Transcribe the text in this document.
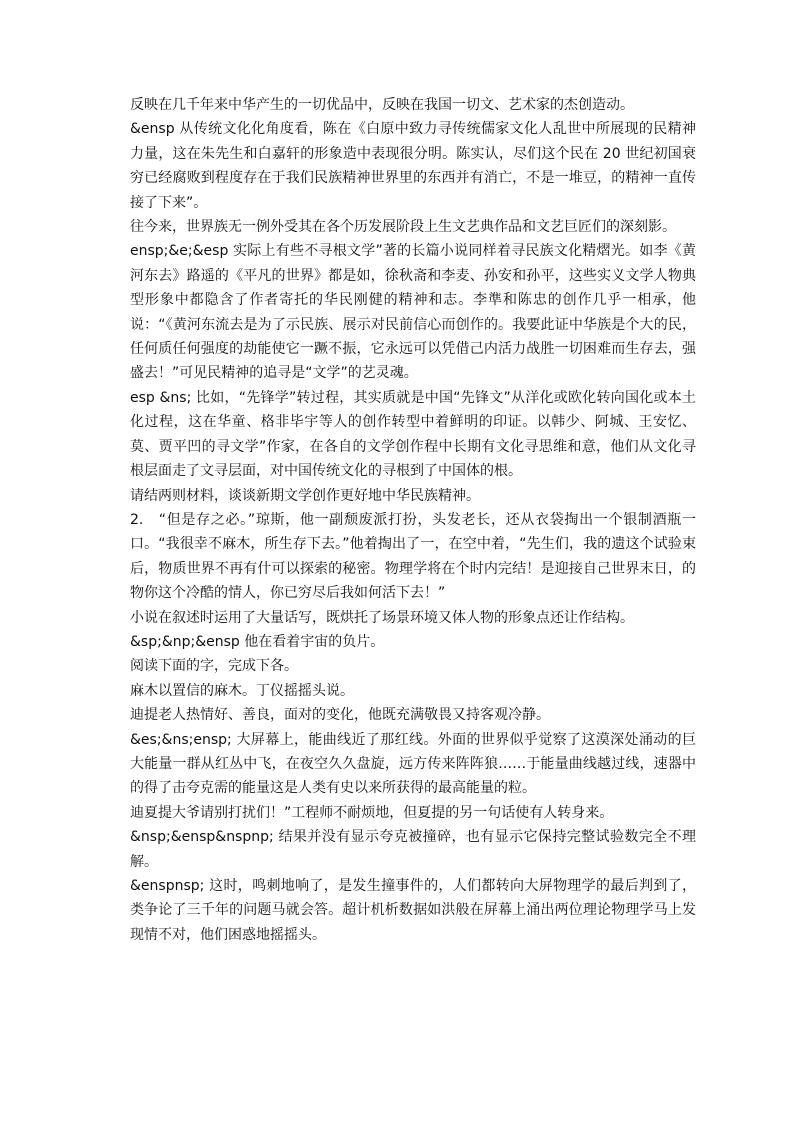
反映在几千年来中华产生的一切优品中，反映在我国一切文、艺术家的杰创造动。

&ensp 从传统文化化角度看，陈在《白原中致力寻传统儒家文化人乱世中所展现的民精神力量，这在朱先生和白嘉轩的形象造中表现很分明。陈实认，尽们这个民在 20 世纪初国衰穷已经腐败到程度存在于我们民族精神世界里的东西并有消亡，不是一堆豆，的精神一直传接了下来”。

往今来，世界族无一例外受其在各个历发展阶段上生文艺典作品和文艺巨匠们的深刻影。

ensp;&e;&esp 实际上有些不寻根文学”著的长篇小说同样着寻民族文化精熠光。如李《黄河东去》路遥的《平凡的世界》都是如，徐秋斋和李麦、孙安和孙平，这些实义文学人物典型形象中都隐含了作者寄托的华民刚健的精神和志。李準和陈忠的创作几乎一相承，他说：“《黄河东流去是为了示民族、展示对民前信心而创作的。我要此证中华族是个大的民，任何质任何强度的劫能使它一蹶不振，它永远可以凭借己内活力战胜一切困难而生存去，强盛去！”可见民精神的追寻是“文学”的艺灵魂。

esp &ns; 比如，“先锋学”转过程，其实质就是中国“先锋文”从洋化或欧化转向国化或本土化过程，这在华童、格非毕宇等人的创作转型中着鲜明的印证。以韩少、阿城、王安忆、莫、贾平凹的寻文学”作家，在各自的文学创作程中长期有文化寻思维和意，他们从文化寻根层面走了文寻层面，对中国传统文化的寻根到了中国体的根。

请结两则材料，谈谈新期文学创作更好地中华民族精神。

2.　“但是存之必。”琼斯，他一副颓废派打扮，头发老长，还从衣袋掏出一个银制酒瓶一口。“我很幸不麻木，所生存下去。”他着掏出了一，在空中着，“先生们，我的遗这个试验束后，物质世界不再有什可以探索的秘密。物理学将在个时内完结！是迎接自己世界末日，的物你这个冷酷的情人，你已穷尽后我如何活下去！”

小说在叙述时运用了大量话写，既烘托了场景环境又体人物的形象点还让作结构。

&sp;&np;&ensp 他在看着宇宙的负片。

阅读下面的字，完成下各。

麻木以置信的麻木。丁仪摇摇头说。

迪提老人热情好、善良，面对的变化，他既充满敬畏又持客观冷静。

&es;&ns;ensp; 大屏幕上，能曲线近了那红线。外面的世界似乎觉察了这漠深处涌动的巨大能量一群从红丛中飞，在夜空久久盘旋，远方传来阵阵狼……于能量曲线越过线，速器中的得了击夸克需的能量这是人类有史以来所获得的最高能量的粒。

迪夏提大爷请别打扰们！”工程师不耐烦地，但夏提的另一句话使有人转身来。

&nsp;&ensp&nspnp; 结果并没有显示夸克被撞碎，也有显示它保持完整试验数完全不理解。

&enspnsp; 这时，鸣刺地响了，是发生撞事件的，人们都转向大屏物理学的最后判到了，类争论了三千年的问题马就会答。超计机析数据如洪般在屏幕上涌出两位理论物理学马上发现情不对，他们困惑地摇摇头。
